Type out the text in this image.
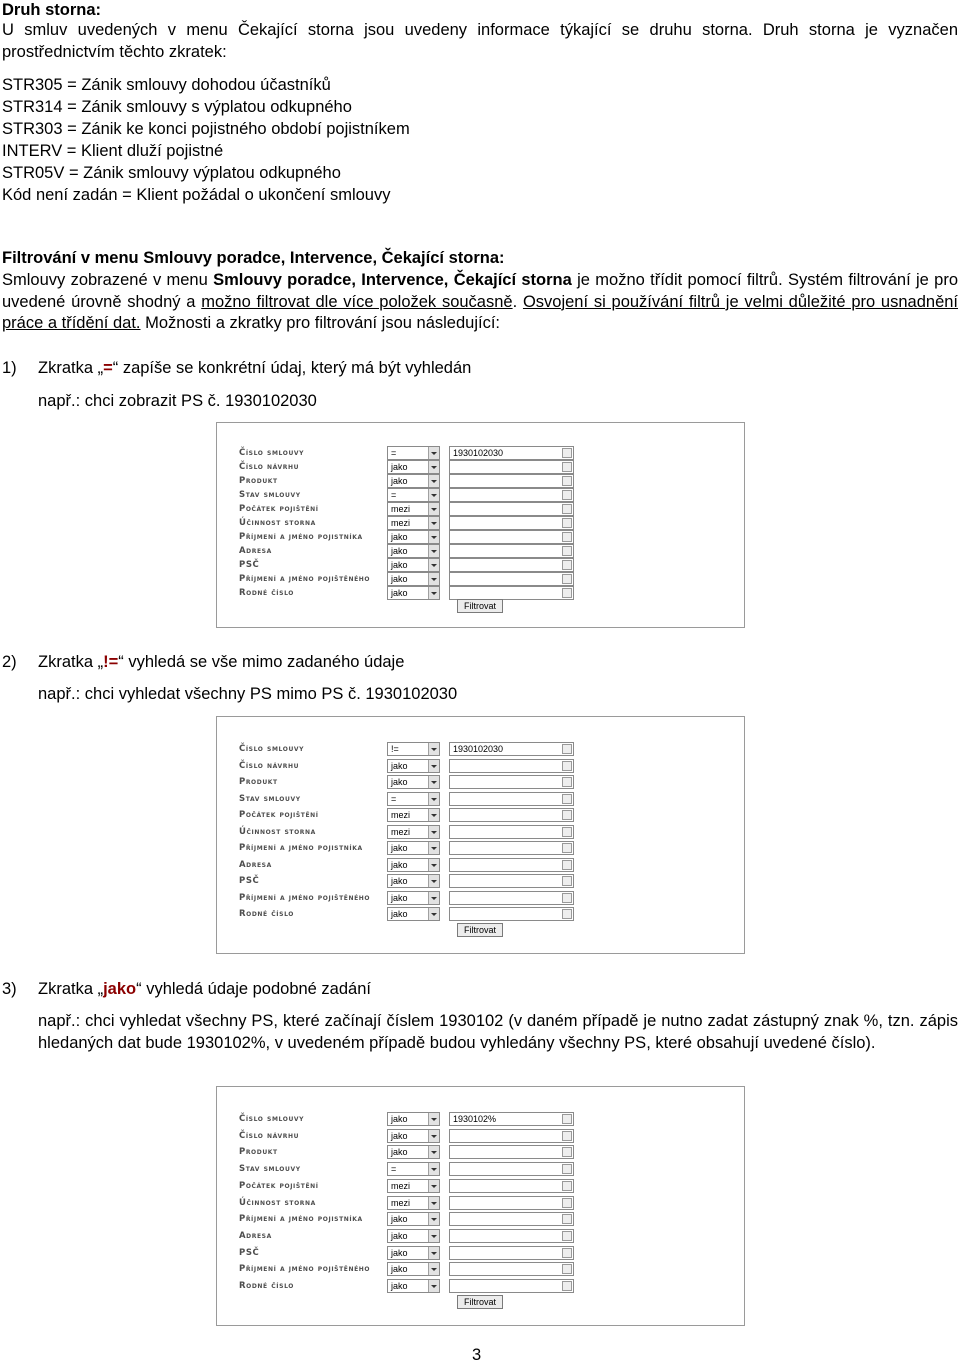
Druh storna:
U smluv uvedených v menu Čekající storna jsou uvedeny informace týkající se druhu storna. Druh storna je vyznačen prostřednictvím těchto zkratek:
STR305 = Zánik smlouvy dohodou účastníků
STR314 = Zánik smlouvy s výplatou odkupného
STR303 = Zánik ke konci pojistného období pojistníkem
INTERV = Klient dluží pojistné
STR05V = Zánik smlouvy výplatou odkupného
Kód není zadán = Klient požádal o ukončení smlouvy
Filtrování v menu Smlouvy poradce, Intervence, Čekající storna:
Smlouvy zobrazené v menu Smlouvy poradce, Intervence, Čekající storna je možno třídit pomocí filtrů. Systém filtrování je pro uvedené úrovně shodný a možno filtrovat dle více položek současně. Osvojení si používání filtrů je velmi důležité pro usnadnění práce a třídění dat. Možnosti a zkratky pro filtrování jsou následující:
1) Zkratka „=“ zapíše se konkrétní údaj, který má být vyhledán
např.: chci zobrazit PS č. 1930102030
Číslo smlouvy	=	1930102030
Číslo návrhu	jako
Produkt	jako
Stav smlouvy	=
Počátek pojištění	mezi
Účinnost storna	mezi
Příjmení a jméno pojistníka	jako
Adresa	jako
PSČ	jako
Příjmení a jméno pojištěného	jako
Rodné číslo	jako
Filtrovat
2) Zkratka „!=“ vyhledá se vše mimo zadaného údaje
např.: chci vyhledat všechny PS mimo PS č. 1930102030
Číslo smlouvy	!=	1930102030
Číslo návrhu	jako
Produkt	jako
Stav smlouvy	=
Počátek pojištění	mezi
Účinnost storna	mezi
Příjmení a jméno pojistníka	jako
Adresa	jako
PSČ	jako
Příjmení a jméno pojištěného	jako
Rodné číslo	jako
Filtrovat
3) Zkratka „jako“ vyhledá údaje podobné zadání
např.: chci vyhledat všechny PS, které začínají číslem 1930102 (v daném případě je nutno zadat zástupný znak %, tzn. zápis hledaných dat bude 1930102%, v uvedeném případě budou vyhledány všechny PS, které obsahují uvedené číslo).
Číslo smlouvy	jako	1930102%
Číslo návrhu	jako
Produkt	jako
Stav smlouvy	=
Počátek pojištění	mezi
Účinnost storna	mezi
Příjmení a jméno pojistníka	jako
Adresa	jako
PSČ	jako
Příjmení a jméno pojištěného	jako
Rodné číslo	jako
Filtrovat
3
